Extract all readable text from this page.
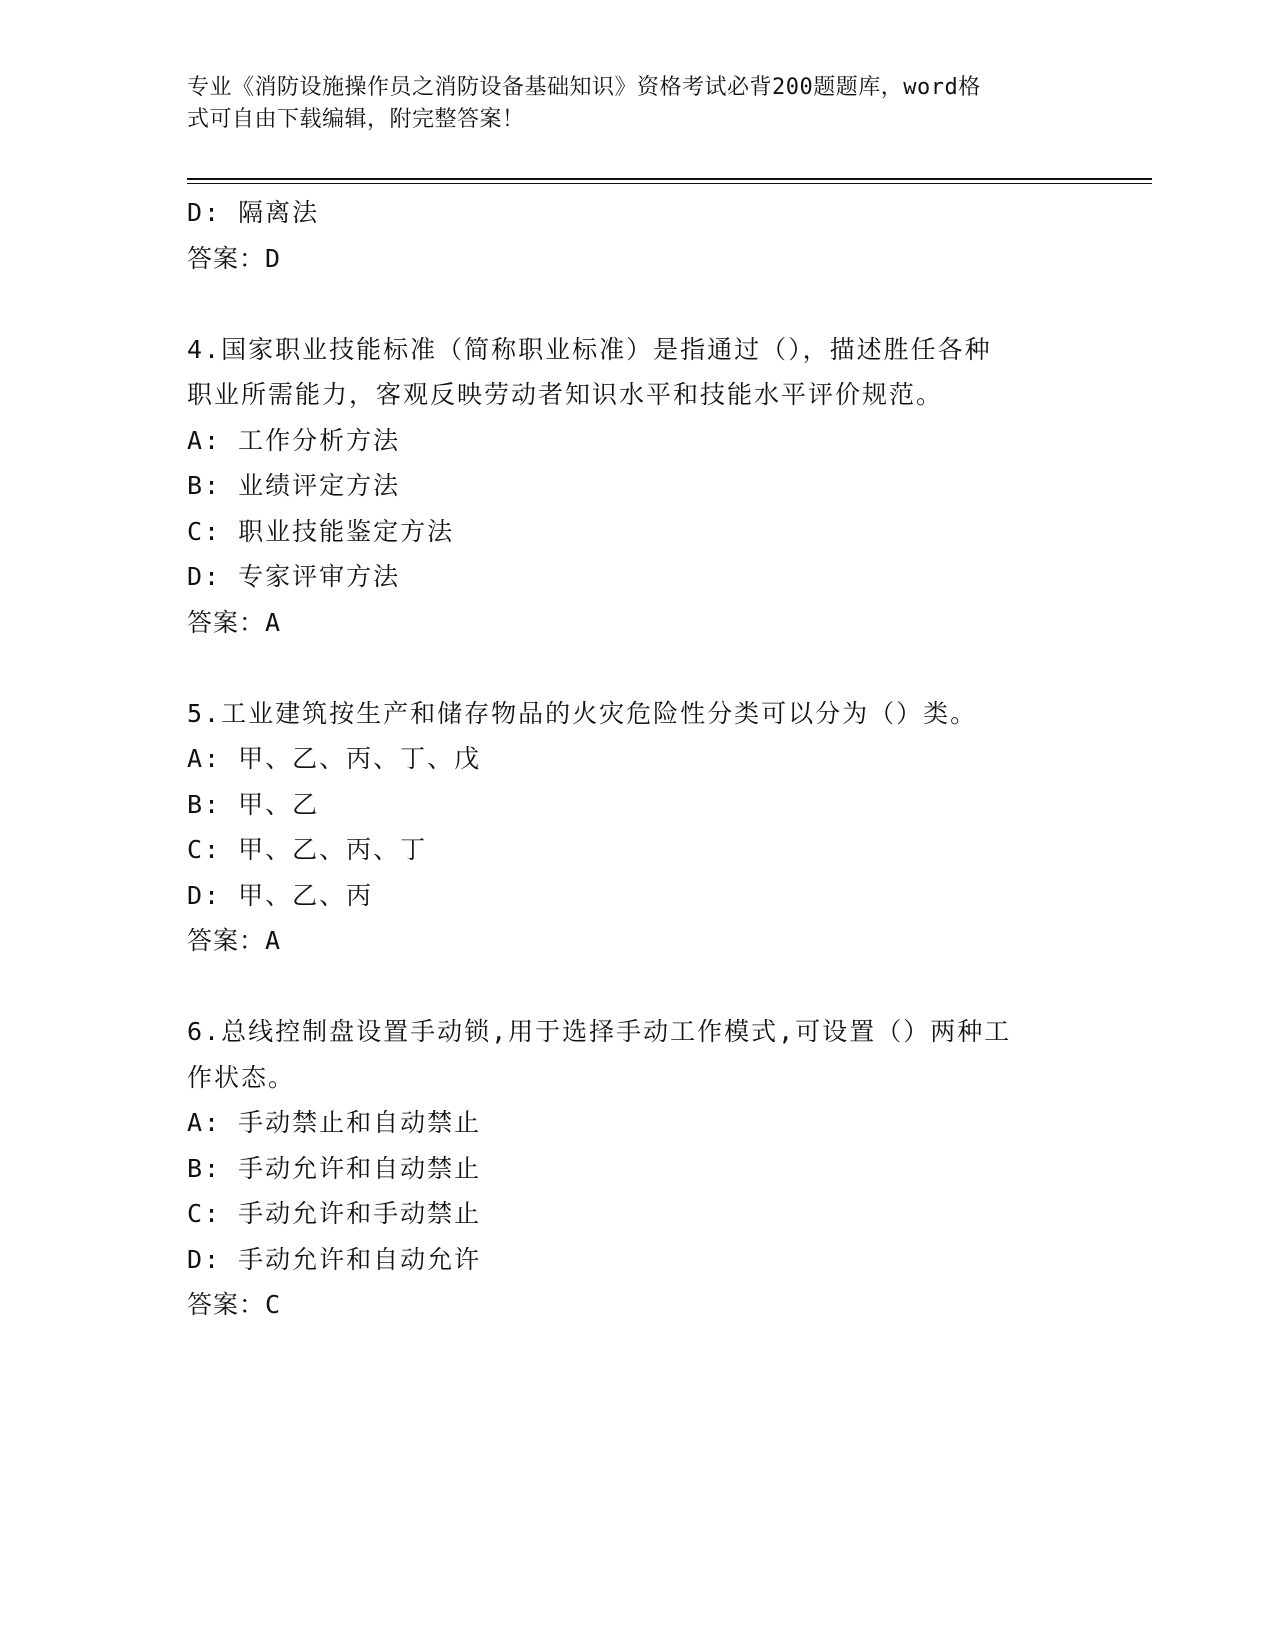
专业《消防设施操作员之消防设备基础知识》资格考试必背200题题库，word格
式可自由下载编辑，附完整答案！
D: 隔离法
答案：D
4.国家职业技能标准（简称职业标准）是指通过（），描述胜任各种
职业所需能力，客观反映劳动者知识水平和技能水平评价规范。
A: 工作分析方法
B: 业绩评定方法
C: 职业技能鉴定方法
D: 专家评审方法
答案：A
5.工业建筑按生产和储存物品的火灾危险性分类可以分为（）类。
A: 甲、乙、丙、丁、戊
B: 甲、乙
C: 甲、乙、丙、丁
D: 甲、乙、丙
答案：A
6.总线控制盘设置手动锁,用于选择手动工作模式,可设置（）两种工
作状态。
A: 手动禁止和自动禁止
B: 手动允许和自动禁止
C: 手动允许和手动禁止
D: 手动允许和自动允许
答案：C
